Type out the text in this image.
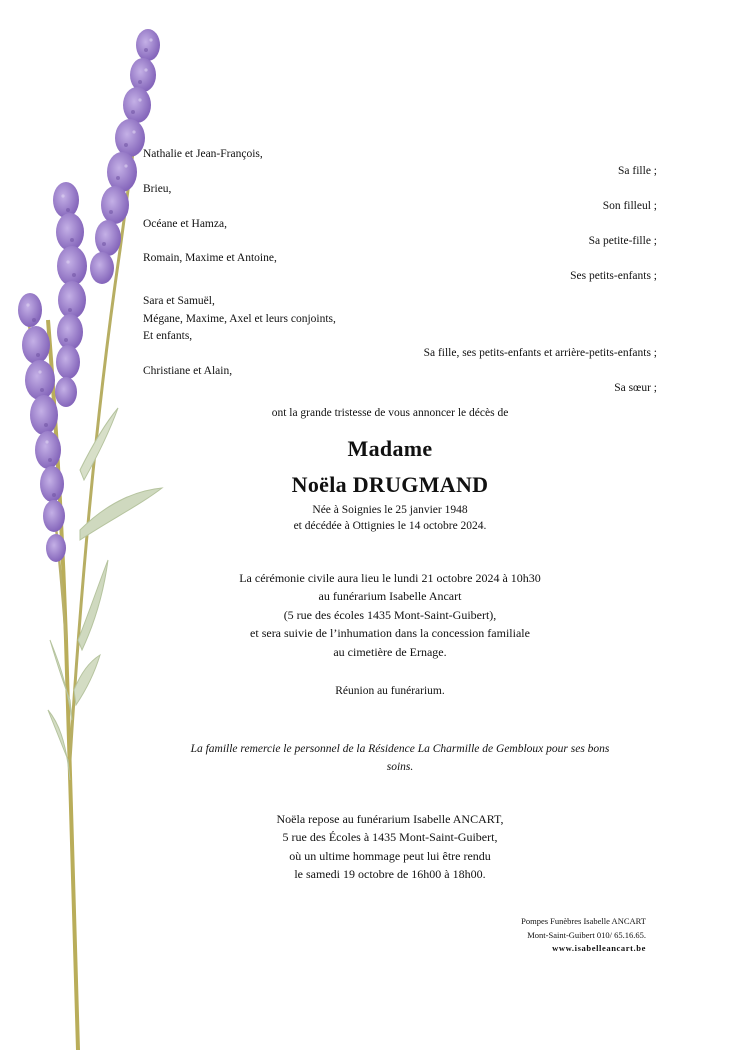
Nathalie et Jean-François,
Sa fille ;
Brieu,
Son filleul ;
Océane et Hamza,
Sa petite-fille ;
Romain, Maxime et Antoine,
Ses petits-enfants ;
Sara et Samuël,
Mégane, Maxime, Axel et leurs conjoints,
Et enfants,
Sa fille, ses petits-enfants et arrière-petits-enfants ;
Christiane et Alain,
Sa sœur ;
ont la grande tristesse de vous annoncer le décès de
Madame
Noëla DRUGMAND
Née à Soignies le 25 janvier 1948
et décédée à Ottignies le 14 octobre 2024.
La cérémonie civile aura lieu le lundi 21 octobre 2024 à 10h30
au funérarium Isabelle Ancart
(5 rue des écoles 1435 Mont-Saint-Guibert),
et sera suivie de l’inhumation dans la concession familiale
au cimetière de Ernage.
Réunion au funérarium.
La famille remercie le personnel de la Résidence La Charmille de Gembloux pour ses bons
soins.
Noëla repose au funérarium Isabelle ANCART,
5 rue des Écoles à 1435 Mont-Saint-Guibert,
où un ultime hommage peut lui être rendu
le samedi 19 octobre de 16h00 à 18h00.
Pompes Funèbres Isabelle ANCART
Mont-Saint-Guibert 010/ 65.16.65.
www.isabelleancart.be
